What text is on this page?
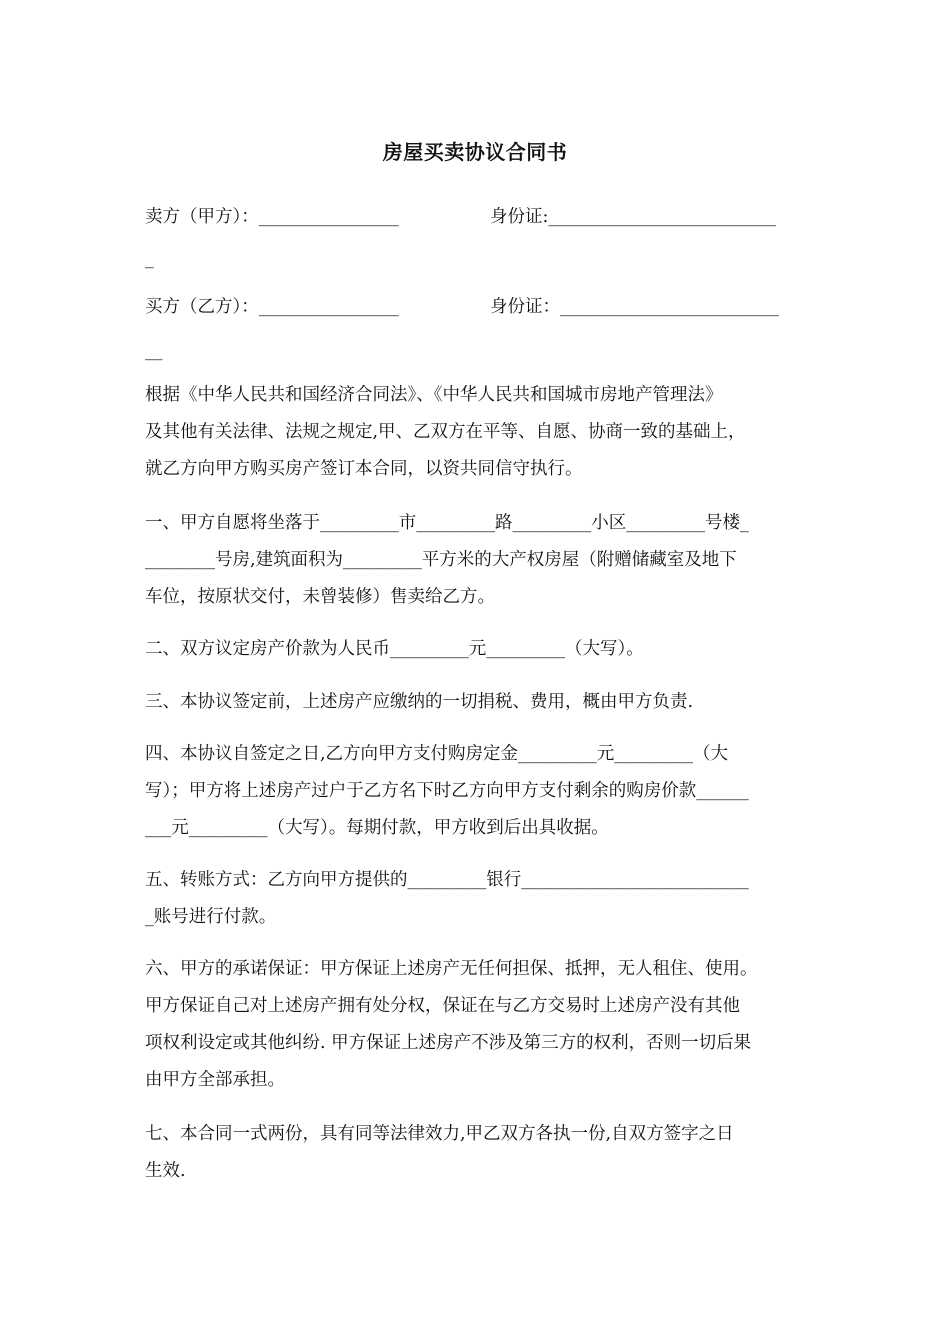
房屋买卖协议合同书
卖方（甲方）：________________	身份证:__________________________
_
买方（乙方）：________________	身份证：_________________________
__
根据《中华人民共和国经济合同法》、《中华人民共和国城市房地产管理法》
及其他有关法律、法规之规定,甲、乙双方在平等、自愿、协商一致的基础上，
就乙方向甲方购买房产签订本合同，以资共同信守执行。
一、甲方自愿将坐落于_________市_________路_________小区_________号楼_
________号房,建筑面积为_________平方米的大产权房屋（附赠储藏室及地下
车位，按原状交付，未曾装修）售卖给乙方。
二、双方议定房产价款为人民币_________元_________（大写）。
三、本协议签定前，上述房产应缴纳的一切捐税、费用，概由甲方负责.
四、本协议自签定之日,乙方向甲方支付购房定金_________元_________（大
写）；甲方将上述房产过户于乙方名下时乙方向甲方支付剩余的购房价款______
___元_________（大写）。每期付款，甲方收到后出具收据。
五、转账方式：乙方向甲方提供的_________银行__________________________
_账号进行付款。
六、甲方的承诺保证：甲方保证上述房产无任何担保、抵押，无人租住、使用。
甲方保证自己对上述房产拥有处分权，保证在与乙方交易时上述房产没有其他
项权利设定或其他纠纷. 甲方保证上述房产不涉及第三方的权利，否则一切后果
由甲方全部承担。
七、本合同一式两份，具有同等法律效力,甲乙双方各执一份,自双方签字之日
生效.
